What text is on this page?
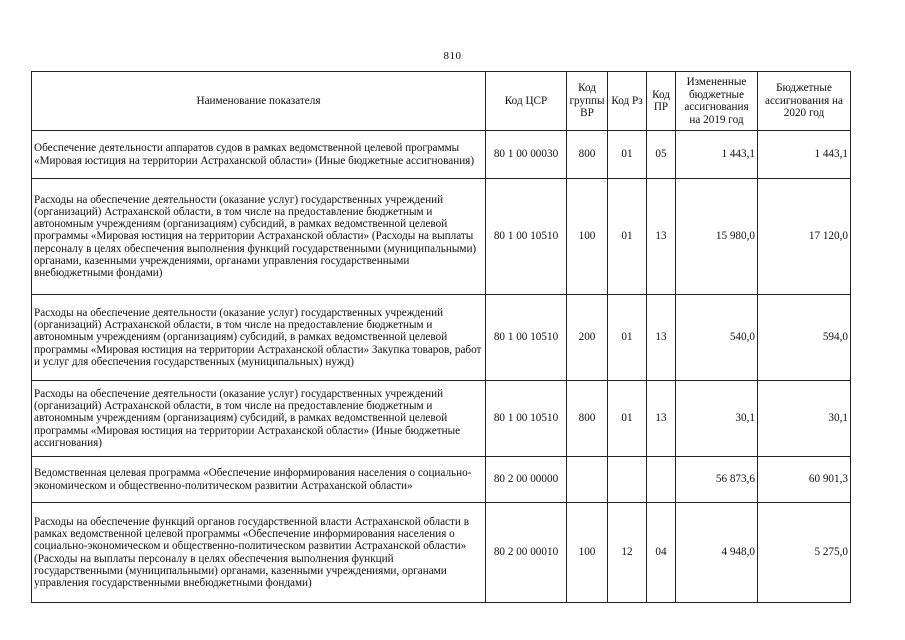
810
Наименование показателя	Код ЦСР	Код группы ВР	Код Рз	Код ПР	Измененные бюджетные ассигнования на 2019 год	Бюджетные ассигнования на 2020 год
Обеспечение деятельности аппаратов судов в рамках ведомственной целевой программы «Мировая юстиция на территории Астраханской области» (Иные бюджетные ассигнования)	80 1 00 00030	800	01	05	1 443,1	1 443,1
Расходы на обеспечение деятельности (оказание услуг) государственных учреждений (организаций) Астраханской области, в том числе на предоставление бюджетным и автономным учреждениям (организациям) субсидий, в рамках ведомственной целевой программы «Мировая юстиция на территории Астраханской области» (Расходы на выплаты персоналу в целях обеспечения выполнения функций государственными (муниципальными) органами, казенными учреждениями, органами управления государственными внебюджетными фондами)	80 1 00 10510	100	01	13	15 980,0	17 120,0
Расходы на обеспечение деятельности (оказание услуг) государственных учреждений (организаций) Астраханской области, в том числе на предоставление бюджетным и автономным учреждениям (организациям) субсидий, в рамках ведомственной целевой программы «Мировая юстиция на территории Астраханской области» Закупка товаров, работ и услуг для обеспечения государственных (муниципальных) нужд)	80 1 00 10510	200	01	13	540,0	594,0
Расходы на обеспечение деятельности (оказание услуг) государственных учреждений (организаций) Астраханской области, в том числе на предоставление бюджетным и автономным учреждениям (организациям) субсидий, в рамках ведомственной целевой программы «Мировая юстиция на территории Астраханской области» (Иные бюджетные ассигнования)	80 1 00 10510	800	01	13	30,1	30,1
Ведомственная целевая программа «Обеспечение информирования населения о социально-экономическом и общественно-политическом развитии Астраханской области»	80 2 00 00000				56 873,6	60 901,3
Расходы на обеспечение функций органов государственной власти Астраханской области в рамках ведомственной целевой программы «Обеспечение информирования населения о социально-экономическом и общественно-политическом развитии Астраханской области» (Расходы на выплаты персоналу в целях обеспечения выполнения функций государственными (муниципальными) органами, казенными учреждениями, органами управления государственными внебюджетными фондами)	80 2 00 00010	100	12	04	4 948,0	5 275,0
